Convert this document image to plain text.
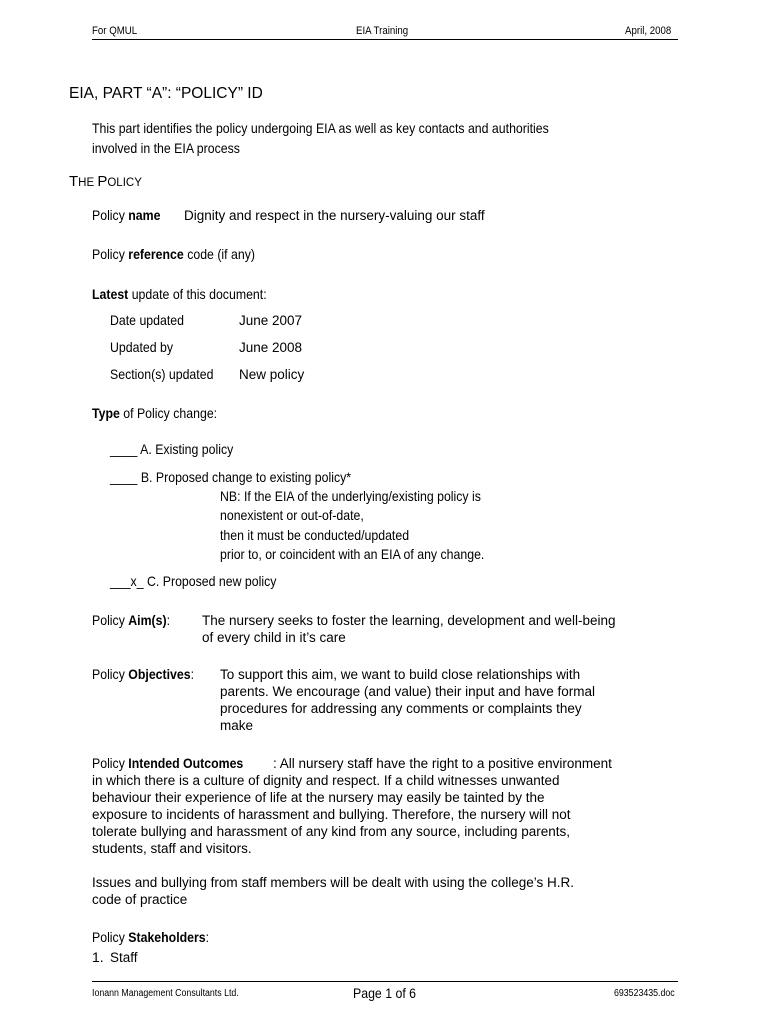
For QMUL	EIA Training	April, 2008
EIA, PART “A”: “POLICY” ID
This part identifies the policy undergoing EIA as well as key contacts and authorities
involved in the EIA process
THE POLICY
Policy name Dignity and respect in the nursery-valuing our staff
Policy reference code (if any)
Latest update of this document:
Date updated	June 2007
Updated by	June 2008
Section(s) updated New policy
Type of Policy change:
____ A. Existing policy
____ B. Proposed change to existing policy*
NB: If the EIA of the underlying/existing policy is
nonexistent or out-of-date,
then it must be conducted/updated
prior to, or coincident with an EIA of any change.
___x_ C. Proposed new policy
Policy Aim(s): The nursery seeks to foster the learning, development and well-being
of every child in it’s care
Policy Objectives: To support this aim, we want to build close relationships with
parents. We encourage (and value) their input and have formal
procedures for addressing any comments or complaints they
make
Policy Intended Outcomes	: All nursery staff have the right to a positive environment
in which there is a culture of dignity and respect. If a child witnesses unwanted
behaviour their experience of life at the nursery may easily be tainted by the
exposure to incidents of harassment and bullying. Therefore, the nursery will not
tolerate bullying and harassment of any kind from any source, including parents,
students, staff and visitors.
Issues and bullying from staff members will be dealt with using the college’s H.R.
code of practice
Policy Stakeholders:
1. Staff
Ionann Management Consultants Ltd.	Page 1 of 6	693523435.doc
